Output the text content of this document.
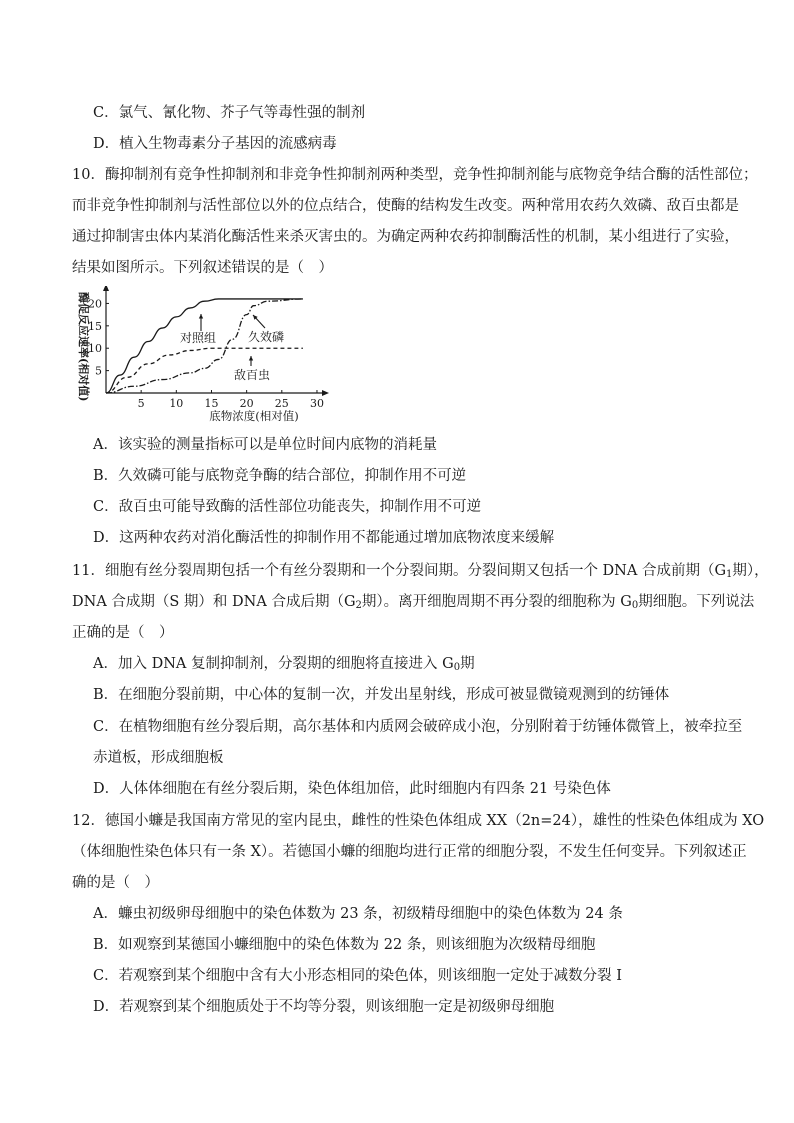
C．氯气、氰化物、芥子气等毒性强的制剂
D．植入生物毒素分子基因的流感病毒
10．酶抑制剂有竞争性抑制剂和非竞争性抑制剂两种类型，竞争性抑制剂能与底物竞争结合酶的活性部位；
而非竞争性抑制剂与活性部位以外的位点结合，使酶的结构发生改变。两种常用农药久效磷、敌百虫都是
通过抑制害虫体内某消化酶活性来杀灭害虫的。为确定两种农药抑制酶活性的机制，某小组进行了实验，
结果如图所示。下列叙述错误的是（　）
酶促反应速率(相对值)
5 10 15 20 25 30
5
10
15
20
底物浓度(相对值)
对照组	久效磷
敌百虫
A．该实验的测量指标可以是单位时间内底物的消耗量
B．久效磷可能与底物竞争酶的结合部位，抑制作用不可逆
C．敌百虫可能导致酶的活性部位功能丧失，抑制作用不可逆
D．这两种农药对消化酶活性的抑制作用不都能通过增加底物浓度来缓解
11．细胞有丝分裂周期包括一个有丝分裂期和一个分裂间期。分裂间期又包括一个 DNA 合成前期（$G_1$期），
DNA 合成期（S 期）和 DNA 合成后期（$G_2$期）。离开细胞周期不再分裂的细胞称为 $G_0$期细胞。下列说法
正确的是（　）
A．加入 DNA 复制抑制剂，分裂期的细胞将直接进入 $G_0$期
B．在细胞分裂前期，中心体的复制一次，并发出星射线，形成可被显微镜观测到的纺锤体
C．在植物细胞有丝分裂后期，高尔基体和内质网会破碎成小泡，分别附着于纺锤体微管上，被牵拉至
赤道板，形成细胞板
D．人体体细胞在有丝分裂后期，染色体组加倍，此时细胞内有四条 21 号染色体
12．德国小蠊是我国南方常见的室内昆虫，雌性的性染色体组成 XX（2n=24），雄性的性染色体组成为 XO
（体细胞性染色体只有一条 X）。若德国小蠊的细胞均进行正常的细胞分裂，不发生任何变异。下列叙述正
确的是（　）
A．蠊虫初级卵母细胞中的染色体数为 23 条，初级精母细胞中的染色体数为 24 条
B．如观察到某德国小蠊细胞中的染色体数为 22 条，则该细胞为次级精母细胞
C．若观察到某个细胞中含有大小形态相同的染色体，则该细胞一定处于减数分裂 I
D．若观察到某个细胞质处于不均等分裂，则该细胞一定是初级卵母细胞
